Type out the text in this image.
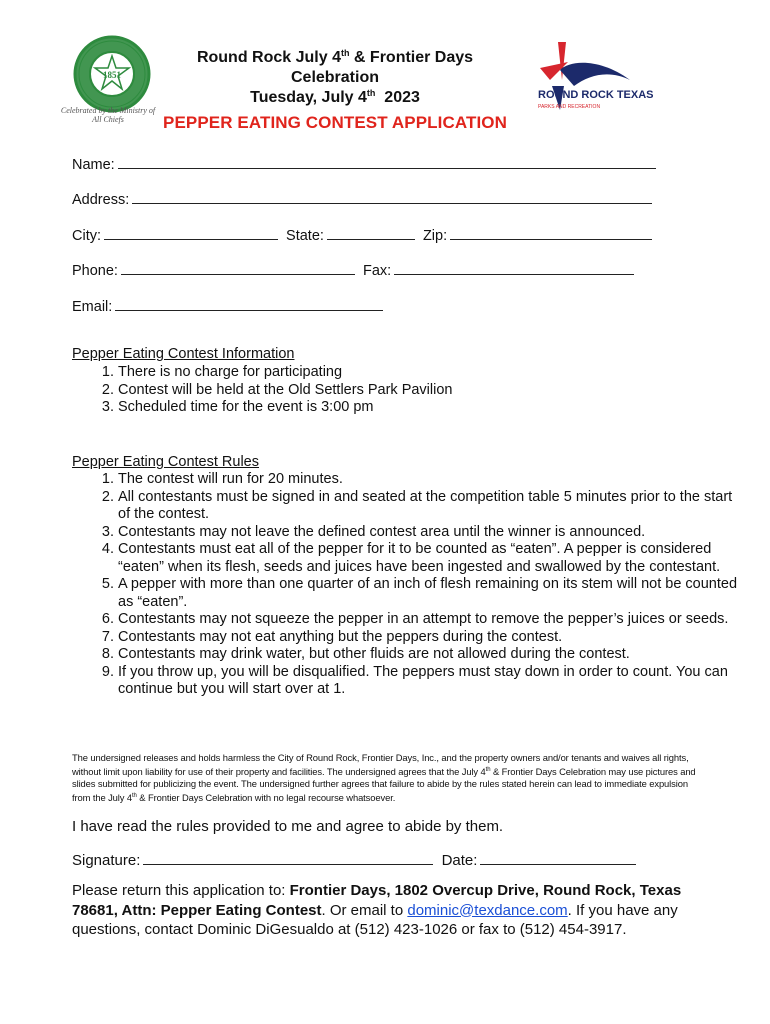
1851
Celebrated by the Ministry of All Chiefs
Round Rock July 4th & Frontier Days
Celebration
Tuesday, July 4th  2023
PEPPER EATING CONTEST APPLICATION
ROUND ROCK TEXAS
PARKS AND RECREATION
Name:
Address:
City:	State:	Zip:
Phone:	Fax:
Email:
Pepper Eating Contest Information
1. There is no charge for participating
2. Contest will be held at the Old Settlers Park Pavilion
3. Scheduled time for the event is 3:00 pm
Pepper Eating Contest Rules
1. The contest will run for 20 minutes.
2. All contestants must be signed in and seated at the competition table 5 minutes prior to the start of the contest.
3. Contestants may not leave the defined contest area until the winner is announced.
4. Contestants must eat all of the pepper for it to be counted as “eaten”. A pepper is considered “eaten” when its flesh, seeds and juices have been ingested and swallowed by the contestant.
5. A pepper with more than one quarter of an inch of flesh remaining on its stem will not be counted as “eaten”.
6. Contestants may not squeeze the pepper in an attempt to remove the pepper’s juices or seeds.
7. Contestants may not eat anything but the peppers during the contest.
8. Contestants may drink water, but other fluids are not allowed during the contest.
9. If you throw up, you will be disqualified. The peppers must stay down in order to count. You can continue but you will start over at 1.
The undersigned releases and holds harmless the City of Round Rock, Frontier Days, Inc., and the property owners and/or tenants and waives all rights, without limit upon liability for use of their property and facilities. The undersigned agrees that the July 4th & Frontier Days Celebration may use pictures and slides submitted for publicizing the event. The undersigned further agrees that failure to abide by the rules stated herein can lead to immediate expulsion from the July 4th & Frontier Days Celebration with no legal recourse whatsoever.
I have read the rules provided to me and agree to abide by them.
Signature:	Date:
Please return this application to: Frontier Days, 1802 Overcup Drive, Round Rock, Texas 78681, Attn: Pepper Eating Contest. Or email to dominic@texdance.com. If you have any questions, contact Dominic DiGesualdo at (512) 423-1026 or fax to (512) 454-3917.
